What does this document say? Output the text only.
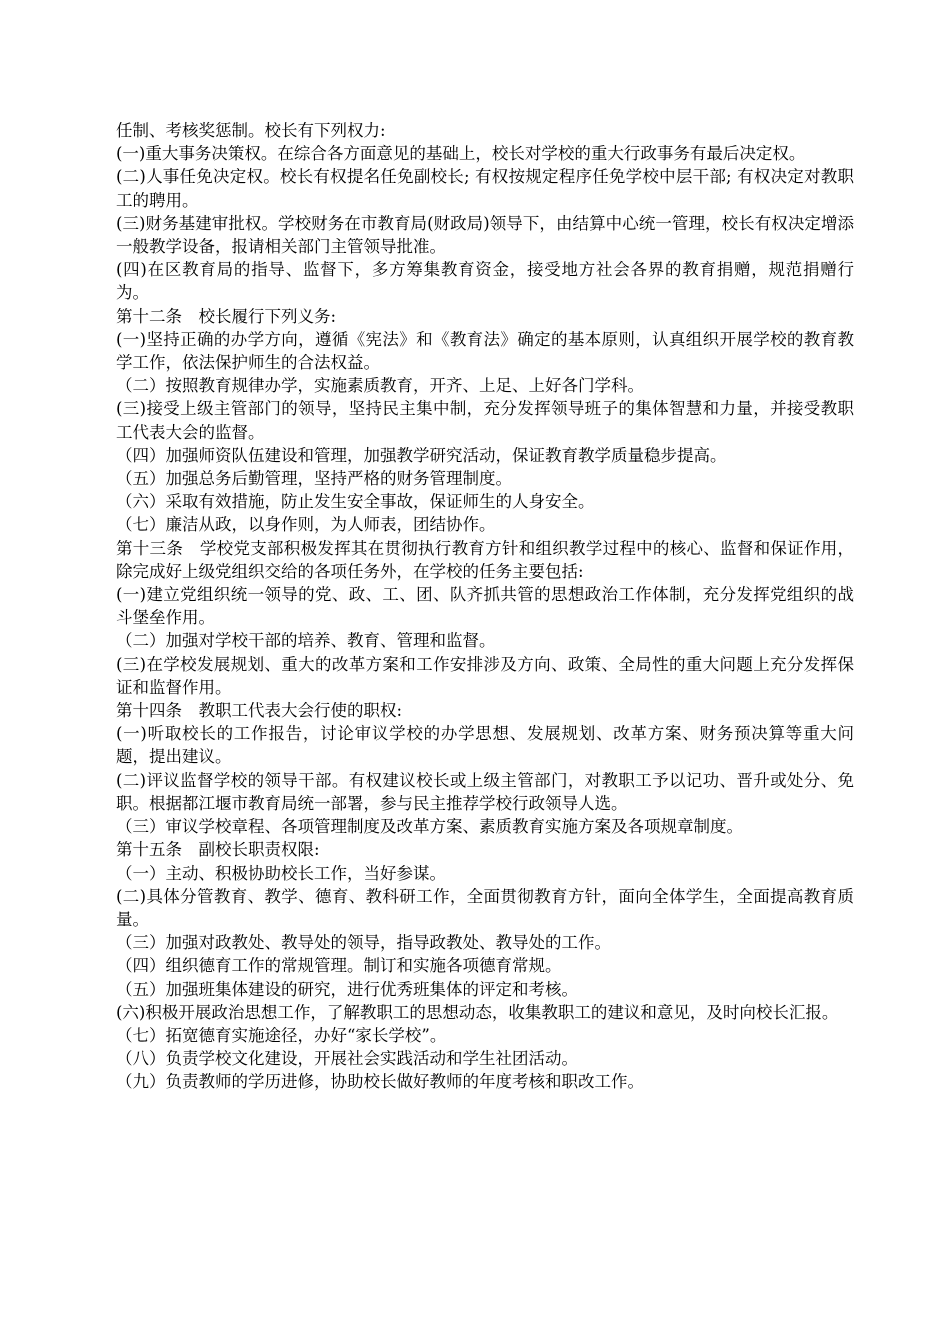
任制、考核奖惩制。校长有下列权力:

(一)重大事务决策权。在综合各方面意见的基础上，校长对学校的重大行政事务有最后决定权。

(二)人事任免决定权。校长有权提名任免副校长; 有权按规定程序任免学校中层干部; 有权决定对教职工的聘用。

(三)财务基建审批权。学校财务在市教育局(财政局)领导下，由结算中心统一管理，校长有权决定增添一般教学设备，报请相关部门主管领导批准。

(四)在区教育局的指导、监督下，多方筹集教育资金，接受地方社会各界的教育捐赠，规范捐赠行为。

第十二条　校长履行下列义务:

(一)坚持正确的办学方向，遵循《宪法》和《教育法》确定的基本原则，认真组织开展学校的教育教学工作，依法保护师生的合法权益。

（二）按照教育规律办学，实施素质教育，开齐、上足、上好各门学科。

(三)接受上级主管部门的领导，坚持民主集中制，充分发挥领导班子的集体智慧和力量，并接受教职工代表大会的监督。

（四）加强师资队伍建设和管理，加强教学研究活动，保证教育教学质量稳步提高。

（五）加强总务后勤管理，坚持严格的财务管理制度。

（六）采取有效措施，防止发生安全事故，保证师生的人身安全。

（七）廉洁从政，以身作则，为人师表，团结协作。

第十三条　学校党支部积极发挥其在贯彻执行教育方针和组织教学过程中的核心、监督和保证作用，除完成好上级党组织交给的各项任务外，在学校的任务主要包括:

(一)建立党组织统一领导的党、政、工、团、队齐抓共管的思想政治工作体制，充分发挥党组织的战斗堡垒作用。

（二）加强对学校干部的培养、教育、管理和监督。

(三)在学校发展规划、重大的改革方案和工作安排涉及方向、政策、全局性的重大问题上充分发挥保证和监督作用。

第十四条　教职工代表大会行使的职权:

(一)听取校长的工作报告，讨论审议学校的办学思想、发展规划、改革方案、财务预决算等重大问题，提出建议。

(二)评议监督学校的领导干部。有权建议校长或上级主管部门，对教职工予以记功、晋升或处分、免职。根据都江堰市教育局统一部署，参与民主推荐学校行政领导人选。

（三）审议学校章程、各项管理制度及改革方案、素质教育实施方案及各项规章制度。

第十五条　副校长职责权限:

（一）主动、积极协助校长工作，当好参谋。

(二)具体分管教育、教学、德育、教科研工作，全面贯彻教育方针，面向全体学生，全面提高教育质量。

（三）加强对政教处、教导处的领导，指导政教处、教导处的工作。

（四）组织德育工作的常规管理。制订和实施各项德育常规。

（五）加强班集体建设的研究，进行优秀班集体的评定和考核。

(六)积极开展政治思想工作，了解教职工的思想动态，收集教职工的建议和意见，及时向校长汇报。

（七）拓宽德育实施途径，办好“家长学校”。

（八）负责学校文化建设，开展社会实践活动和学生社团活动。

（九）负责教师的学历进修，协助校长做好教师的年度考核和职改工作。
